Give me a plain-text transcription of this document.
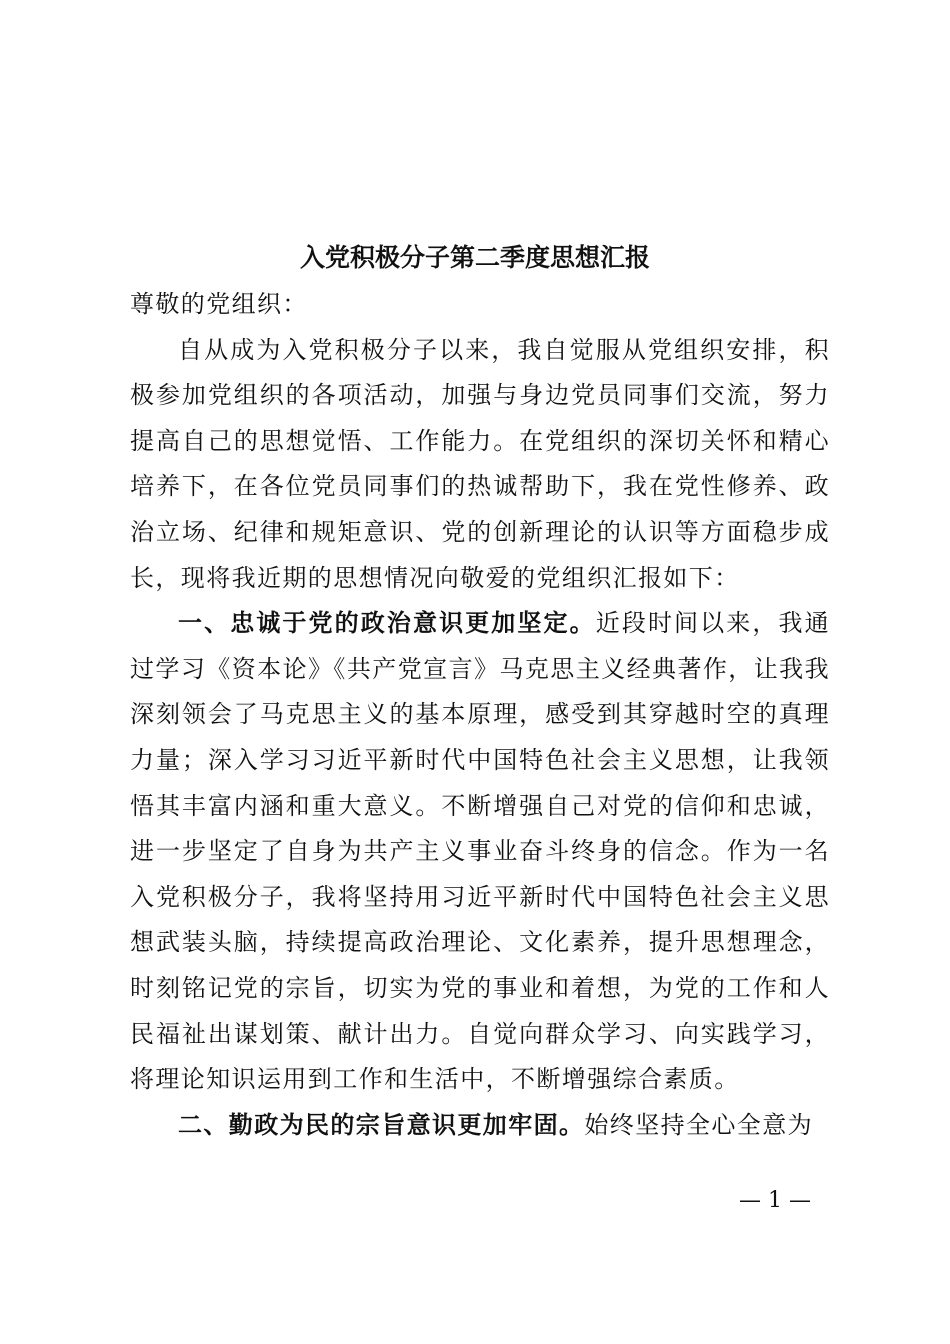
入党积极分子第二季度思想汇报

尊敬的党组织：

自从成为入党积极分子以来，我自觉服从党组织安排，积极参加党组织的各项活动，加强与身边党员同事们交流，努力提高自己的思想觉悟、工作能力。在党组织的深切关怀和精心培养下，在各位党员同事们的热诚帮助下，我在党性修养、政治立场、纪律和规矩意识、党的创新理论的认识等方面稳步成长，现将我近期的思想情况向敬爱的党组织汇报如下：

一、忠诚于党的政治意识更加坚定。近段时间以来，我通过学习《资本论》《共产党宣言》马克思主义经典著作，让我我深刻领会了马克思主义的基本原理，感受到其穿越时空的真理力量；深入学习习近平新时代中国特色社会主义思想，让我领悟其丰富内涵和重大意义。不断增强自己对党的信仰和忠诚，进一步坚定了自身为共产主义事业奋斗终身的信念。作为一名入党积极分子，我将坚持用习近平新时代中国特色社会主义思想武装头脑，持续提高政治理论、文化素养，提升思想理念，时刻铭记党的宗旨，切实为党的事业和着想，为党的工作和人民福祉出谋划策、献计出力。自觉向群众学习、向实践学习，将理论知识运用到工作和生活中，不断增强综合素质。

二、勤政为民的宗旨意识更加牢固。始终坚持全心全意为

— 1 —
